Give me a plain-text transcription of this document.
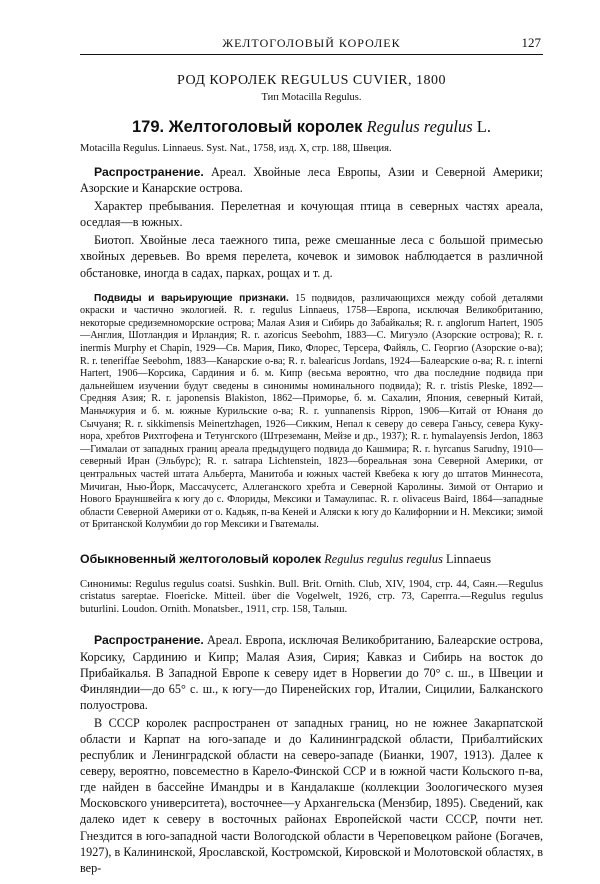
ЖЕЛТОГОЛОВЫЙ КОРОЛЕК	127
РОД КОРОЛЕК REGULUS CUVIER, 1800
Тип Motacilla Regulus.
179. Желтоголовый королек Regulus regulus L.

Motacilla Regulus. Linnaeus. Syst. Nat., 1758, изд. X, стр. 188, Швеция.

Распространение. Ареал. Хвойные леса Европы, Азии и Северной Америки; Азорские и Канарские острова.

Характер пребывания. Перелетная и кочующая птица в северных частях ареала, оседлая—в южных.

Биотоп. Хвойные леса таежного типа, реже смешанные леса с большой примесью хвойных деревьев. Во время перелета, кочевок и зимовок наблюдается в различной обстановке, иногда в садах, парках, рощах и т. д.

Подвиды и варьирующие признаки. 15 подвидов, различающихся между собой деталями окраски и частично экологией. R. r. regulus Linnaeus, 1758—Европа, исключая Великобританию, некоторые средиземноморские острова; Малая Азия и Сибирь до Забайкалья; R. r. anglorum Hartert, 1905—Англия, Шотландия и Ирландия; R. r. azoricus Seebohm, 1883—С. Мигуэло (Азорские острова); R. r. inermis Murphy et Chapin, 1929—Св. Мария, Пико, Флорес, Терсера, Файяль, С. Георгио (Азорские о-ва); R. r. teneriffae Seebohm, 1883—Канарские о-ва; R. r. balearicus Jordans, 1924—Балеарские о-ва; R. r. interni Hartert, 1906—Корсика, Сардиния и б. м. Кипр (весьма вероятно, что два последние подвида при дальнейшем изучении будут сведены в синонимы номинального подвида); R. r. tristis Pleske, 1892—Средняя Азия; R. r. japonensis Blakiston, 1862—Приморье, б. м. Сахалин, Япония, северный Китай, Маньчжурия и б. м. южные Курильские о-ва; R. r. yunnanensis Rippon, 1906—Китай от Юнаня до Сычуаня; R. r. sikkimensis Meinertzhagen, 1926—Сикким, Непал к северу до севера Ганьсу, севера Куку-нора, хребтов Рихтгофена и Тетунгского (Штреземанн, Мейзе и др., 1937); R. r. hymalayensis Jerdon, 1863—Гималаи от западных границ ареала предыдущего подвида до Кашмира; R. r. hyrcanus Sarudny, 1910—северный Иран (Эльбурс); R. r. satrapa Lichtenstein, 1823—бореальная зона Северной Америки, от центральных частей штата Альберта, Манитоба и южных частей Квебека к югу до штатов Миннесота, Мичиган, Нью-Йорк, Массачусетс, Аллеганского хребта и Северной Каролины. Зимой от Онтарио и Нового Брауншвейга к югу до с. Флориды, Мексики и Тамаулипас. R. r. olivaceus Baird, 1864—западные области Северной Америки от о. Кадьяк, п-ва Кеней и Аляски к югу до Калифорнии и Н. Мексики; зимой от Британской Колумбии до гор Мексики и Гватемалы.

Обыкновенный желтоголовый королек Regulus regulus regulus Linnaeus

Синонимы: Regulus regulus coatsi. Sushkin. Bull. Brit. Ornith. Club, XIV, 1904, стр. 44, Саян.—Regulus cristatus sareptae. Floericke. Mitteil. über die Vogelwelt, 1926, стр. 73, Сарепта.—Regulus regulus buturlini. Loudon. Ornith. Monatsber., 1911, стр. 158, Талыш.

Распространение. Ареал. Европа, исключая Великобританию, Балеарские острова, Корсику, Сардинию и Кипр; Малая Азия, Сирия; Кавказ и Сибирь на восток до Прибайкалья. В Западной Европе к северу идет в Норвегии до 70° с. ш., в Швеции и Финляндии—до 65° с. ш., к югу—до Пиренейских гор, Италии, Сицилии, Балканского полуострова.

В СССР королек распространен от западных границ, но не южнее Закарпатской области и Карпат на юго-западе и до Калининградской области, Прибалтийских республик и Ленинградской области на северо-западе (Бианки, 1907, 1913). Далее к северу, вероятно, повсеместно в Карело-Финской ССР и в южной части Кольского п-ва, где найден в бассейне Имандры и в Кандалакше (коллекции Зоологического музея Московского университета), восточнее—у Архангельска (Мензбир, 1895). Сведений, как далеко идет к северу в восточных районах Европейской части СССР, почти нет. Гнездится в юго-западной части Вологодской области в Череповецком районе (Богачев, 1927), в Калининской, Ярославской, Костромской, Кировской и Молотовской областях, в вер-
